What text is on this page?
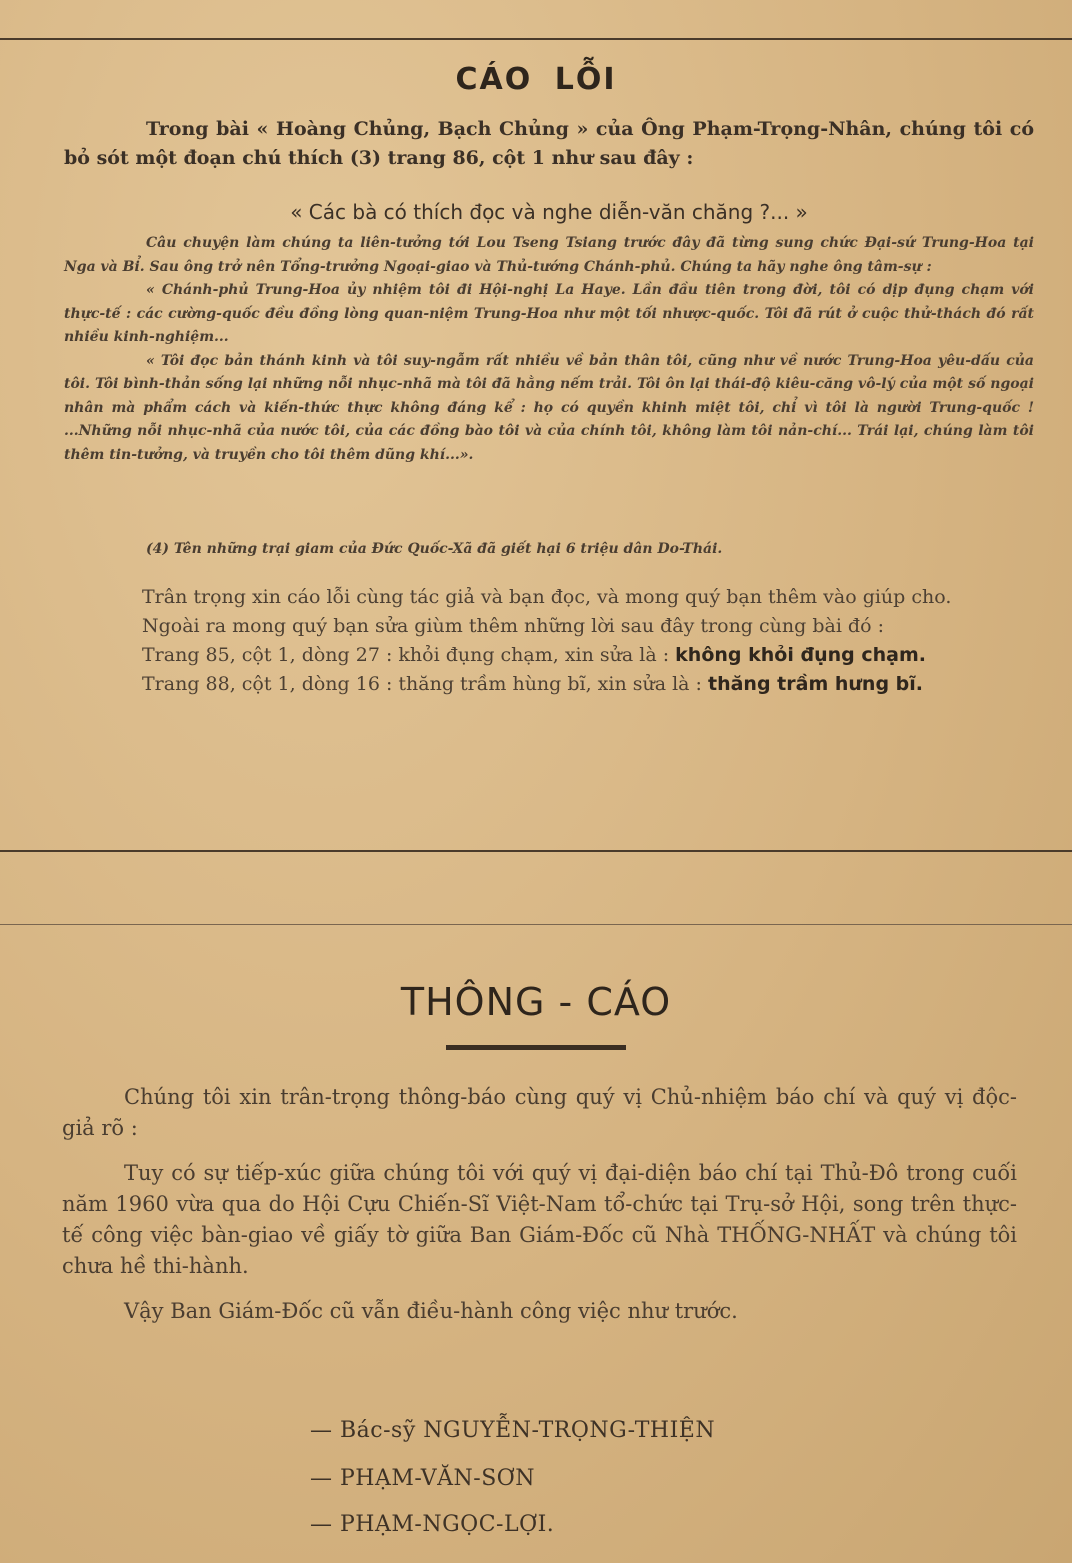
CÁO LỖI
Trong bài « Hoàng Chủng, Bạch Chủng » của Ông Phạm-Trọng-Nhân, chúng tôi có bỏ sót một đoạn chú thích (3) trang 86, cột 1 như sau đây :
« Các bà có thích đọc và nghe diễn-văn chăng ?... »

Câu chuyện làm chúng ta liên-tưởng tới Lou Tseng Tsiang trước đây đã từng sung chức Đại-sứ Trung-Hoa tại Nga và Bỉ. Sau ông trở nên Tổng-trưởng Ngoại-giao và Thủ-tướng Chánh-phủ. Chúng ta hãy nghe ông tâm-sự :

« Chánh-phủ Trung-Hoa ủy nhiệm tôi đi Hội-nghị La Haye. Lần đầu tiên trong đời, tôi có dịp đụng chạm với thực-tế : các cường-quốc đều đồng lòng quan-niệm Trung-Hoa như một tối nhược-quốc. Tôi đã rút ở cuộc thử-thách đó rất nhiều kinh-nghiệm...

« Tôi đọc bản thánh kinh và tôi suy-ngẫm rất nhiều về bản thân tôi, cũng như về nước Trung-Hoa yêu-dấu của tôi. Tôi bình-thản sống lại những nỗi nhục-nhã mà tôi đã hằng nếm trải. Tôi ôn lại thái-độ kiêu-căng vô-lý của một số ngoại nhân mà phẩm cách và kiến-thức thực không đáng kể : họ có quyền khinh miệt tôi, chỉ vì tôi là người Trung-quốc ! ...Những nỗi nhục-nhã của nước tôi, của các đồng bào tôi và của chính tôi, không làm tôi nản-chí... Trái lại, chúng làm tôi thêm tin-tưởng, và truyền cho tôi thêm dũng khí...».

(4) Tên những trại giam của Đức Quốc-Xã đã giết hại 6 triệu dân Do-Thái.

Trân trọng xin cáo lỗi cùng tác giả và bạn đọc, và mong quý bạn thêm vào giúp cho.

Ngoài ra mong quý bạn sửa giùm thêm những lời sau đây trong cùng bài đó :

Trang 85, cột 1, dòng 27 : khỏi đụng chạm, xin sửa là : không khỏi đụng chạm.

Trang 88, cột 1, dòng 16 : thăng trầm hùng bĩ, xin sửa là : thăng trầm hưng bĩ.

THÔNG - CÁO

Chúng tôi xin trân-trọng thông-báo cùng quý vị Chủ-nhiệm báo chí và quý vị độc-giả rõ :

Tuy có sự tiếp-xúc giữa chúng tôi với quý vị đại-diện báo chí tại Thủ-Đô trong cuối năm 1960 vừa qua do Hội Cựu Chiến-Sĩ Việt-Nam tổ-chức tại Trụ-sở Hội, song trên thực-tế công việc bàn-giao về giấy tờ giữa Ban Giám-Đốc cũ Nhà THỐNG-NHẤT và chúng tôi chưa hề thi-hành.

Vậy Ban Giám-Đốc cũ vẫn điều-hành công việc như trước.

— Bác-sỹ NGUYỄN-TRỌNG-THIỆN
— PHẠM-VĂN-SƠN
— PHẠM-NGỌC-LỢI.
